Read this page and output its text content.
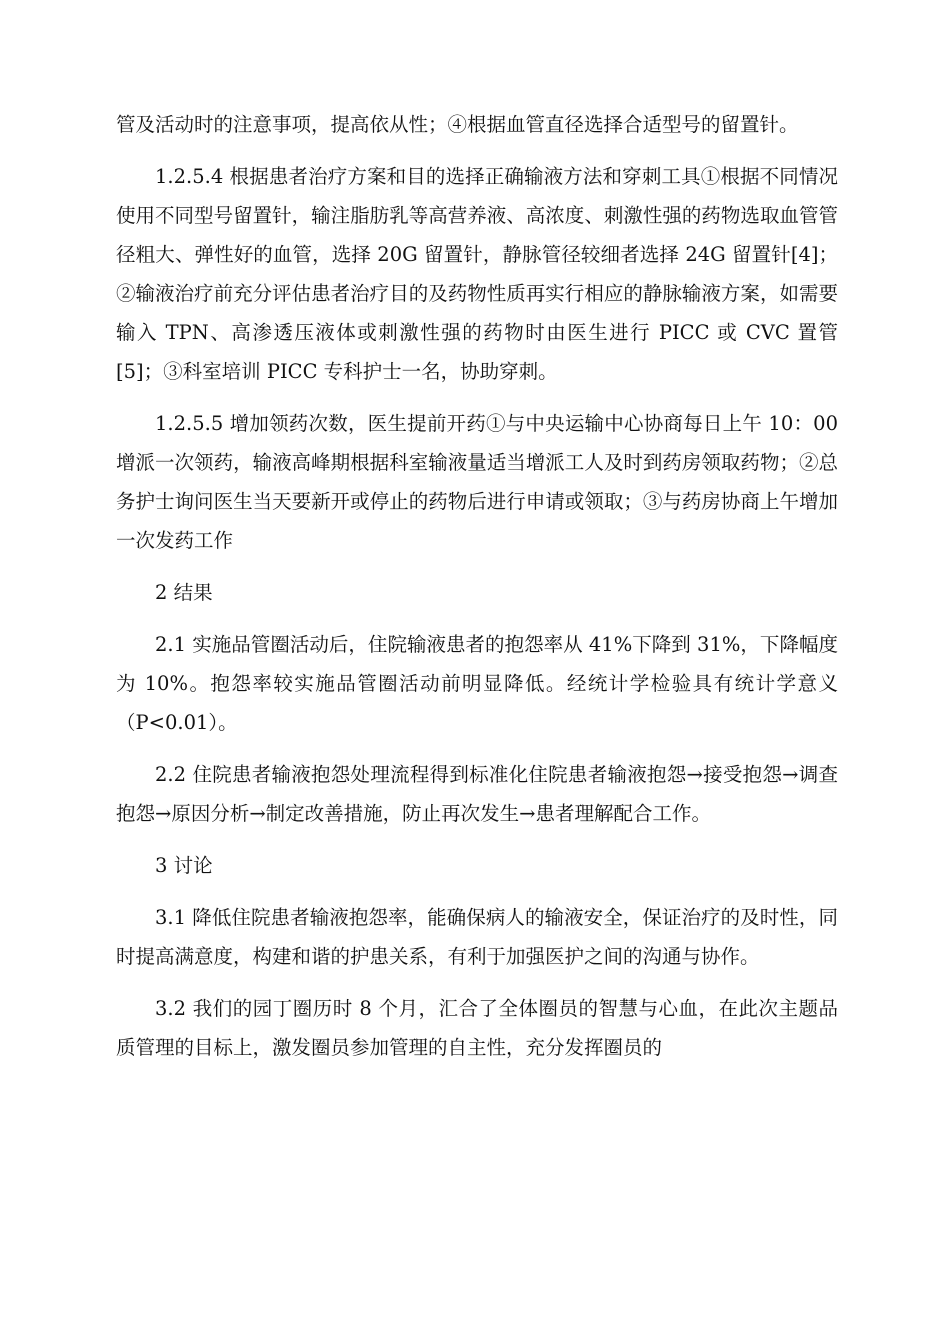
管及活动时的注意事项，提高依从性；④根据血管直径选择合适型号的留置针。

1.2.5.4 根据患者治疗方案和目的选择正确输液方法和穿刺工具①根据不同情况使用不同型号留置针，输注脂肪乳等高营养液、高浓度、刺激性强的药物选取血管管径粗大、弹性好的血管，选择 20G 留置针，静脉管径较细者选择 24G 留置针[4]；②输液治疗前充分评估患者治疗目的及药物性质再实行相应的静脉输液方案，如需要输入 TPN、高渗透压液体或刺激性强的药物时由医生进行 PICC 或 CVC 置管[5]；③科室培训 PICC 专科护士一名，协助穿刺。

1.2.5.5 增加领药次数，医生提前开药①与中央运输中心协商每日上午 10：00 增派一次领药，输液高峰期根据科室输液量适当增派工人及时到药房领取药物；②总务护士询问医生当天要新开或停止的药物后进行申请或领取；③与药房协商上午增加一次发药工作

2 结果

2.1 实施品管圈活动后，住院输液患者的抱怨率从 41%下降到 31%，下降幅度为 10%。抱怨率较实施品管圈活动前明显降低。经统计学检验具有统计学意义（P<0.01）。

2.2 住院患者输液抱怨处理流程得到标准化住院患者输液抱怨→接受抱怨→调查抱怨→原因分析→制定改善措施，防止再次发生→患者理解配合工作。

3 讨论

3.1 降低住院患者输液抱怨率，能确保病人的输液安全，保证治疗的及时性，同时提高满意度，构建和谐的护患关系，有利于加强医护之间的沟通与协作。

3.2 我们的园丁圈历时 8 个月，汇合了全体圈员的智慧与心血，在此次主题品质管理的目标上，激发圈员参加管理的自主性，充分发挥圈员的
